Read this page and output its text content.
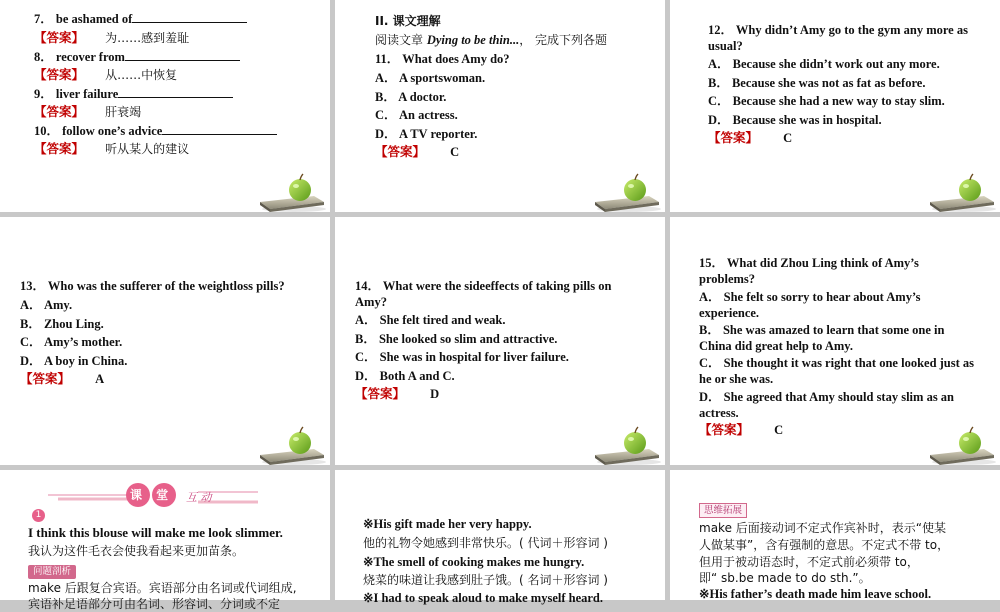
7． be ashamed of
【答案】 为……感到羞耻
8． recover from
【答案】 从……中恢复
9． liver failure
【答案】 肝衰竭
10． follow one’s advice
【答案】 听从某人的建议
II. 课文理解
阅读文章 Dying to be thin...， 完成下列各题
11． What does Amy do?
A． A sportswoman.
B． A doctor.
C． An actress.
D． A TV reporter.
【答案】 C
12． Why didn’t Amy go to the gym any more as usual?
A． Because she didn’t work out any more.
B． Because she was not as fat as before.
C． Because she had a new way to stay slim.
D． Because she was in hospital.
【答案】 C
13． Who was the sufferer of the weightloss pills?
A． Amy.
B． Zhou Ling.
C． Amy’s mother.
D． A boy in China.
【答案】 A
14． What were the sideeffects of taking pills on Amy?
A． She felt tired and weak.
B． She looked so slim and attractive.
C． She was in hospital for liver failure.
D． Both A and C.
【答案】 D
15． What did Zhou Ling think of Amy’s problems?
A． She felt so sorry to hear about Amy’s experience.
B． She was amazed to learn that some one in China did great help to Amy.
C． She thought it was right that one looked just as he or she was.
D． She agreed that Amy should stay slim as an actress.
【答案】 C
课 堂 互 动
1
I think this blouse will make me look slimmer.
我认为这件毛衣会使我看起来更加苗条。
问题剖析
make 后跟复合宾语。宾语部分由名词或代词组成,
宾语补足语部分可由名词、形容词、分词或不定
※His gift made her very happy.
他的礼物令她感到非常快乐。( 代词＋形容词 )
※The smell of cooking makes me hungry.
烧菜的味道让我感到肚子饿。( 名词＋形容词 )
※I had to speak aloud to make myself heard.
思维拓展
make 后面接动词不定式作宾补时，表示“使某
人做某事”，含有强制的意思。不定式不带 to，
但用于被动语态时，不定式前必须带 to，
即“ sb.be made to do sth.”。
※His father’s death made him leave school.
